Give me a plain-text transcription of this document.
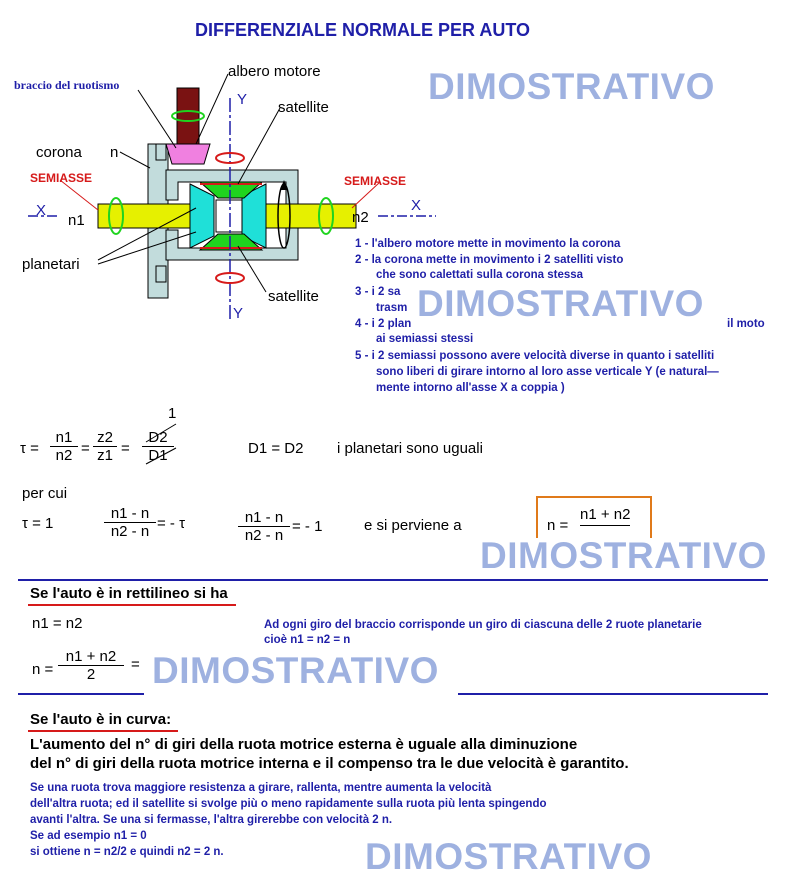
DIFFERENZIALE NORMALE PER AUTO
braccio del ruotismo
albero motore
satellite
corona n
SEMIASSE	SEMIASSE
X	X
Y
Y
n1	n2
planetari
satellite
1 - l'albero motore mette in movimento la corona
2 - la corona mette in movimento i 2 satelliti visto
che sono calettati sulla corona stessa
3 - i 2 sa
trasm
4 - i 2 plan	il moto
ai semiassi stessi
5 - i 2 semiassi possono avere velocità diverse in quanto i satelliti
sono liberi di girare intorno al loro asse verticale Y (e natural—
mente intorno all'asse X a coppia )
τ =
n1
n2 =
z2
z1 =
1
D2
D1	D1 = D2 i planetari sono uguali
per cui
τ = 1
n1 - n
n2 - n = - τ	n1 - n
n2 - n
= - 1	e si perviene a	n =
n1 + n2
DIMOSTRATIVO
DIMOSTRATIVO
DIMOSTRATIVO
DIMOSTRATIVO
DIMOSTRATIVO
Se l'auto è in rettilineo si ha
n1 = n2	Ad ogni giro del braccio corrisponde un giro di ciascuna delle 2 ruote planetarie
cioè n1 = n2 = n
n =
n1 + n2
2
=
Se l'auto è in curva:
L'aumento del n° di giri della ruota motrice esterna è uguale alla diminuzione
del n° di giri della ruota motrice interna e il compenso tra le due velocità è garantito.
Se una ruota trova maggiore resistenza a girare, rallenta, mentre aumenta la velocità
dell'altra ruota; ed il satellite si svolge più o meno rapidamente sulla ruota più lenta spingendo
avanti l'altra. Se una si fermasse, l'altra girerebbe con velocità 2 n.
Se ad esempio n1 = 0
si ottiene n = n2/2 e quindi n2 = 2 n.
